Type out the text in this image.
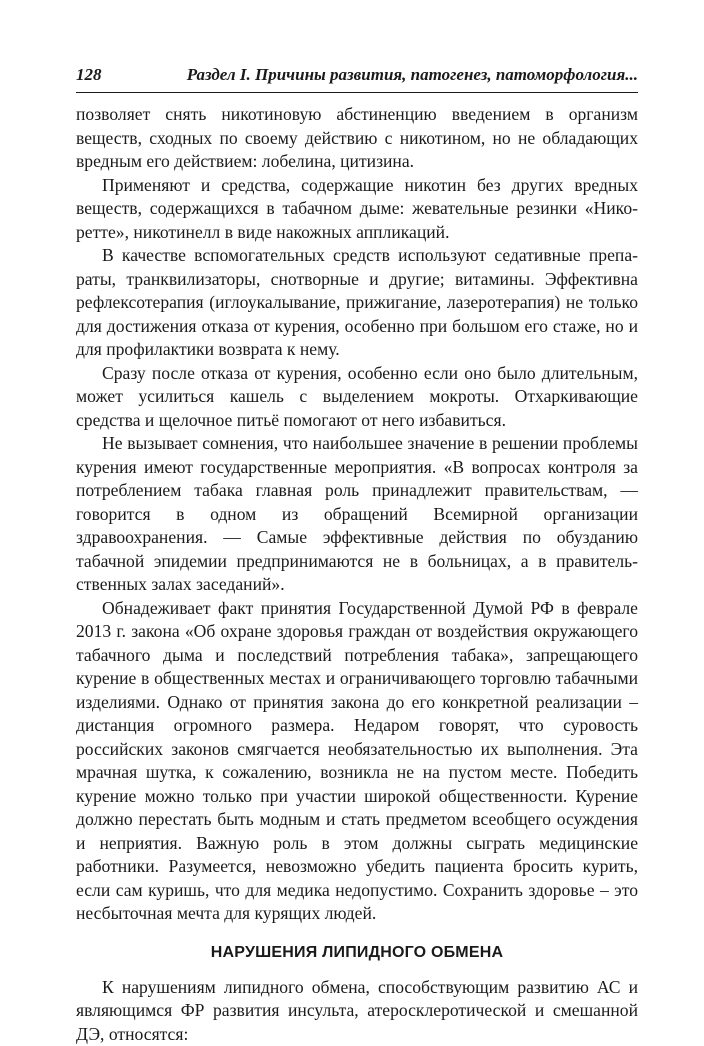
128	Раздел I. Причины развития, патогенез, патоморфология...

позволяет снять никотиновую абстиненцию введением в организм веществ, сходных по своему действию с никотином, но не обладающих вредным его действием: лобелина, цитизина.

Применяют и средства, содержащие никотин без других вредных веществ, содержащихся в табачном дыме: жевательные резинки «Никоретте», никотинелл в виде накожных аппликаций.

В качестве вспомогательных средств используют седативные препараты, транквилизаторы, снотворные и другие; витамины. Эффективна рефлексотерапия (иглоукалывание, прижигание, лазеротерапия) не только для достижения отказа от курения, особенно при большом его стаже, но и для профилактики возврата к нему.

Сразу после отказа от курения, особенно если оно было длительным, может усилиться кашель с выделением мокроты. Отхаркивающие средства и щелочное питьё помогают от него избавиться.

Не вызывает сомнения, что наибольшее значение в решении проблемы курения имеют государственные мероприятия. «В вопросах контроля за потреблением табака главная роль принадлежит правительствам, — говорится в одном из обращений Всемирной организации здравоохранения. — Самые эффективные действия по обузданию табачной эпидемии предпринимаются не в больницах, а в правительственных залах заседаний».

Обнадеживает факт принятия Государственной Думой РФ в феврале 2013 г. закона «Об охране здоровья граждан от воздействия окружающего табачного дыма и последствий потребления табака», запрещающего курение в общественных местах и ограничивающего торговлю табачными изделиями. Однако от принятия закона до его конкретной реализации – дистанция огромного размера. Недаром говорят, что суровость российских законов смягчается необязательностью их выполнения. Эта мрачная шутка, к сожалению, возникла не на пустом месте. Победить курение можно только при участии широкой общественности. Курение должно перестать быть модным и стать предметом всеобщего осуждения и неприятия. Важную роль в этом должны сыграть медицинские работники. Разумеется, невозможно убедить пациента бросить курить, если сам куришь, что для медика недопустимо. Сохранить здоровье – это несбыточная мечта для курящих людей.

НАРУШЕНИЯ ЛИПИДНОГО ОБМЕНА

К нарушениям липидного обмена, способствующим развитию АС и являющимся ФР развития инсульта, атеросклеротической и смешанной ДЭ, относятся:
